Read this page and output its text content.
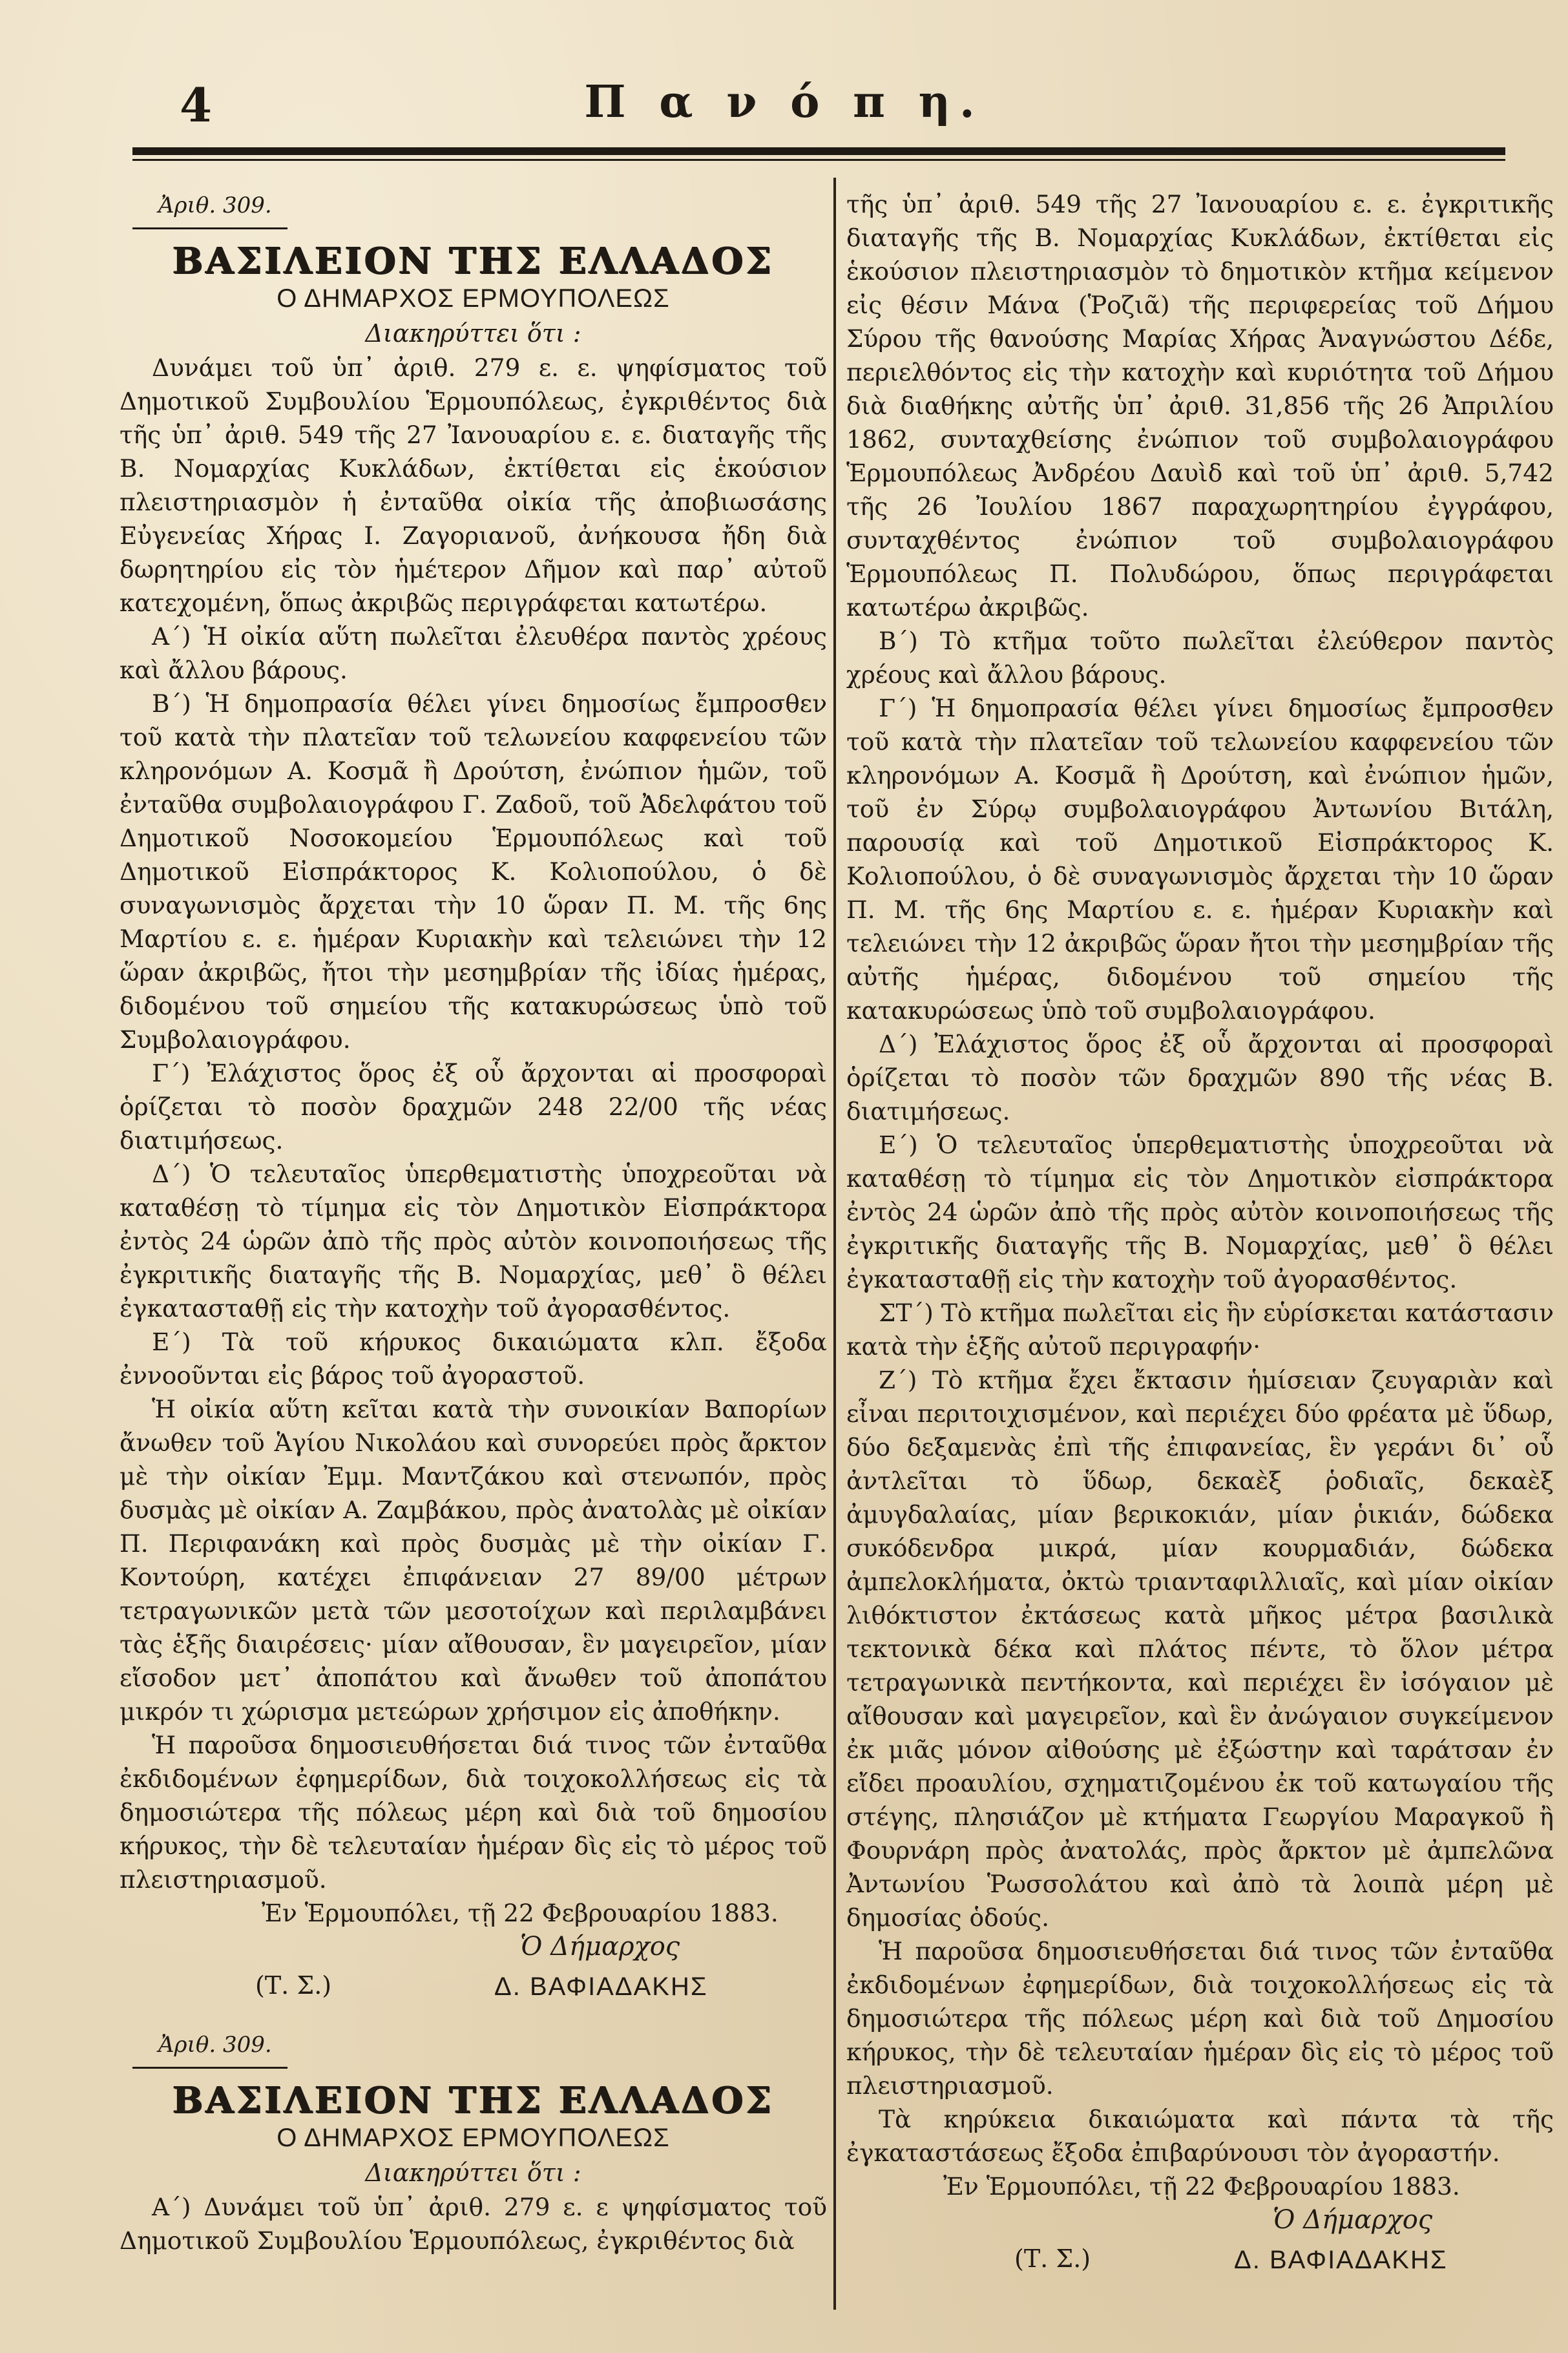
4	Π α ν ό π η.
Ἀριθ. 309.
ΒΑΣΙΛΕΙΟΝ ΤΗΣ ΕΛΛΑΔΟΣ
Ο ΔΗΜΑΡΧΟΣ ΕΡΜΟΥΠΟΛΕΩΣ
Διακηρύττει ὅτι :

Δυνάμει τοῦ ὑπ᾽ ἀριθ. 279 ε. ε. ψηφίσματος τοῦ Δημοτικοῦ Συμβουλίου Ἑρμουπόλεως, ἐγκριθέντος διὰ τῆς ὑπ᾽ ἀριθ. 549 τῆς 27 Ἰανουαρίου ε. ε. διαταγῆς τῆς Β. Νομαρχίας Κυκλάδων, ἐκτίθεται εἰς ἑκούσιον πλειστηριασμὸν ἡ ἐνταῦθα οἰκία τῆς ἀποβιωσάσης Εὐγενείας Χήρας Ι. Ζαγοριανοῦ, ἀνήκουσα ἤδη διὰ δωρητηρίου εἰς τὸν ἡμέτερον Δῆμον καὶ παρ᾽ αὐτοῦ κατεχομένη, ὅπως ἀκριβῶς περιγράφεται κατωτέρω.

Α΄) Ἡ οἰκία αὕτη πωλεῖται ἐλευθέρα παντὸς χρέους καὶ ἄλλου βάρους.

Β΄) Ἡ δημοπρασία θέλει γίνει δημοσίως ἔμπροσθεν τοῦ κατὰ τὴν πλατεῖαν τοῦ τελωνείου καφφενείου τῶν κληρονόμων Α. Κοσμᾶ ἢ Δρούτση, ἐνώπιον ἡμῶν, τοῦ ἐνταῦθα συμβολαιογράφου Γ. Ζαδοῦ, τοῦ Ἀδελφάτου τοῦ Δημοτικοῦ Νοσοκομείου Ἑρμουπόλεως καὶ τοῦ Δημοτικοῦ Εἰσπράκτορος Κ. Κολιοπούλου, ὁ δὲ συναγωνισμὸς ἄρχεται τὴν 10 ὥραν Π. Μ. τῆς 6ης Μαρτίου ε. ε. ἡμέραν Κυριακὴν καὶ τελειώνει τὴν 12 ὥραν ἀκριβῶς, ἤτοι τὴν μεσημβρίαν τῆς ἰδίας ἡμέρας, διδομένου τοῦ σημείου τῆς κατακυρώσεως ὑπὸ τοῦ Συμβολαιογράφου.

Γ΄) Ἐλάχιστος ὅρος ἐξ οὗ ἄρχονται αἱ προσφοραὶ ὁρίζεται τὸ ποσὸν δραχμῶν 248 22/00 τῆς νέας διατιμήσεως.

Δ΄) Ὁ τελευταῖος ὑπερθεματιστὴς ὑποχρεοῦται νὰ καταθέσῃ τὸ τίμημα εἰς τὸν Δημοτικὸν Εἰσπράκτορα ἐντὸς 24 ὡρῶν ἀπὸ τῆς πρὸς αὐτὸν κοινοποιήσεως τῆς ἐγκριτικῆς διαταγῆς τῆς Β. Νομαρχίας, μεθ᾽ ὃ θέλει ἐγκατασταθῇ εἰς τὴν κατοχὴν τοῦ ἀγορασθέντος.

Ε΄) Τὰ τοῦ κήρυκος δικαιώματα κλπ. ἔξοδα ἐννοοῦνται εἰς βάρος τοῦ ἀγοραστοῦ.

Ἡ οἰκία αὕτη κεῖται κατὰ τὴν συνοικίαν Βαπορίων ἄνωθεν τοῦ Ἁγίου Νικολάου καὶ συνορεύει πρὸς ἄρκτον μὲ τὴν οἰκίαν Ἐμμ. Μαντζάκου καὶ στενωπόν, πρὸς δυσμὰς μὲ οἰκίαν Α. Ζαμβάκου, πρὸς ἀνατολὰς μὲ οἰκίαν Π. Περιφανάκη καὶ πρὸς δυσμὰς μὲ τὴν οἰκίαν Γ. Κοντούρη, κατέχει ἐπιφάνειαν 27 89/00 μέτρων τετραγωνικῶν μετὰ τῶν μεσοτοίχων καὶ περιλαμβάνει τὰς ἑξῆς διαιρέσεις· μίαν αἴθουσαν, ἓν μαγειρεῖον, μίαν εἴσοδον μετ᾽ ἀποπάτου καὶ ἄνωθεν τοῦ ἀποπάτου μικρόν τι χώρισμα μετεώρων χρήσιμον εἰς ἀποθήκην.

Ἡ παροῦσα δημοσιευθήσεται διά τινος τῶν ἐνταῦθα ἐκδιδομένων ἐφημερίδων, διὰ τοιχοκολλήσεως εἰς τὰ δημοσιώτερα τῆς πόλεως μέρη καὶ διὰ τοῦ δημοσίου κήρυκος, τὴν δὲ τελευταίαν ἡμέραν δὶς εἰς τὸ μέρος τοῦ πλειστηριασμοῦ.

Ἐν Ἑρμουπόλει, τῇ 22 Φεβρουαρίου 1883.

Ὁ Δήμαρχος
(Τ. Σ.)	Δ. ΒΑΦΙΑΔΑΚΗΣ
Ἀριθ. 309.
ΒΑΣΙΛΕΙΟΝ ΤΗΣ ΕΛΛΑΔΟΣ
Ο ΔΗΜΑΡΧΟΣ ΕΡΜΟΥΠΟΛΕΩΣ
Διακηρύττει ὅτι :

Α΄) Δυνάμει τοῦ ὑπ᾽ ἀριθ. 279 ε. ε ψηφίσματος τοῦ Δημοτικοῦ Συμβουλίου Ἑρμουπόλεως, ἐγκριθέντος διὰ

τῆς ὑπ᾽ ἀριθ. 549 τῆς 27 Ἰανουαρίου ε. ε. ἐγκριτικῆς διαταγῆς τῆς Β. Νομαρχίας Κυκλάδων, ἐκτίθεται εἰς ἑκούσιον πλειστηριασμὸν τὸ δημοτικὸν κτῆμα κείμενον εἰς θέσιν Μάνα (Ῥοζιᾶ) τῆς περιφερείας τοῦ Δήμου Σύρου τῆς θανούσης Μαρίας Χήρας Ἀναγνώστου Δέδε, περιελθόντος εἰς τὴν κατοχὴν καὶ κυριότητα τοῦ Δήμου διὰ διαθήκης αὐτῆς ὑπ᾽ ἀριθ. 31,856 τῆς 26 Ἀπριλίου 1862, συνταχθείσης ἐνώπιον τοῦ συμβολαιογράφου Ἑρμουπόλεως Ἀνδρέου Δαυὶδ καὶ τοῦ ὑπ᾽ ἀριθ. 5,742 τῆς 26 Ἰουλίου 1867 παραχωρητηρίου ἐγγράφου, συνταχθέντος ἐνώπιον τοῦ συμβολαιογράφου Ἑρμουπόλεως Π. Πολυδώρου, ὅπως περιγράφεται κατωτέρω ἀκριβῶς.

Β΄) Τὸ κτῆμα τοῦτο πωλεῖται ἐλεύθερον παντὸς χρέους καὶ ἄλλου βάρους.

Γ΄) Ἡ δημοπρασία θέλει γίνει δημοσίως ἔμπροσθεν τοῦ κατὰ τὴν πλατεῖαν τοῦ τελωνείου καφφενείου τῶν κληρονόμων Α. Κοσμᾶ ἢ Δρούτση, καὶ ἐνώπιον ἡμῶν, τοῦ ἐν Σύρῳ συμβολαιογράφου Ἀντωνίου Βιτάλη, παρουσίᾳ καὶ τοῦ Δημοτικοῦ Εἰσπράκτορος Κ. Κολιοπούλου, ὁ δὲ συναγωνισμὸς ἄρχεται τὴν 10 ὥραν Π. Μ. τῆς 6ης Μαρτίου ε. ε. ἡμέραν Κυριακὴν καὶ τελειώνει τὴν 12 ἀκριβῶς ὥραν ἤτοι τὴν μεσημβρίαν τῆς αὐτῆς ἡμέρας, διδομένου τοῦ σημείου τῆς κατακυρώσεως ὑπὸ τοῦ συμβολαιογράφου.

Δ΄) Ἐλάχιστος ὅρος ἐξ οὗ ἄρχονται αἱ προσφοραὶ ὁρίζεται τὸ ποσὸν τῶν δραχμῶν 890 τῆς νέας Β. διατιμήσεως.

Ε΄) Ὁ τελευταῖος ὑπερθεματιστὴς ὑποχρεοῦται νὰ καταθέσῃ τὸ τίμημα εἰς τὸν Δημοτικὸν εἰσπράκτορα ἐντὸς 24 ὡρῶν ἀπὸ τῆς πρὸς αὐτὸν κοινοποιήσεως τῆς ἐγκριτικῆς διαταγῆς τῆς Β. Νομαρχίας, μεθ᾽ ὃ θέλει ἐγκατασταθῇ εἰς τὴν κατοχὴν τοῦ ἀγορασθέντος.

ΣΤ΄) Τὸ κτῆμα πωλεῖται εἰς ἣν εὑρίσκεται κατάστασιν κατὰ τὴν ἑξῆς αὐτοῦ περιγραφήν·

Ζ΄) Τὸ κτῆμα ἔχει ἔκτασιν ἡμίσειαν ζευγαριὰν καὶ εἶναι περιτοιχισμένον, καὶ περιέχει δύο φρέατα μὲ ὕδωρ, δύο δεξαμενὰς ἐπὶ τῆς ἐπιφανείας, ἓν γεράνι δι᾽ οὗ ἀντλεῖται τὸ ὕδωρ, δεκαὲξ ῥοδιαῖς, δεκαὲξ ἀμυγδαλαίας, μίαν βερικοκιάν, μίαν ῥικιάν, δώδεκα συκόδενδρα μικρά, μίαν κουρμαδιάν, δώδεκα ἀμπελοκλήματα, ὀκτὼ τριανταφιλλιαῖς, καὶ μίαν οἰκίαν λιθόκτιστον ἐκτάσεως κατὰ μῆκος μέτρα βασιλικὰ τεκτονικὰ δέκα καὶ πλάτος πέντε, τὸ ὅλον μέτρα τετραγωνικὰ πεντήκοντα, καὶ περιέχει ἓν ἰσόγαιον μὲ αἴθουσαν καὶ μαγειρεῖον, καὶ ἓν ἀνώγαιον συγκείμενον ἐκ μιᾶς μόνον αἰθούσης μὲ ἐξώστην καὶ ταράτσαν ἐν εἴδει προαυλίου, σχηματιζομένου ἐκ τοῦ κατωγαίου τῆς στέγης, πλησιάζον μὲ κτήματα Γεωργίου Μαραγκοῦ ἢ Φουρνάρη πρὸς ἀνατολάς, πρὸς ἄρκτον μὲ ἀμπελῶνα Ἀντωνίου Ῥωσσολάτου καὶ ἀπὸ τὰ λοιπὰ μέρη μὲ δημοσίας ὁδούς.

Ἡ παροῦσα δημοσιευθήσεται διά τινος τῶν ἐνταῦθα ἐκδιδομένων ἐφημερίδων, διὰ τοιχοκολλήσεως εἰς τὰ δημοσιώτερα τῆς πόλεως μέρη καὶ διὰ τοῦ Δημοσίου κήρυκος, τὴν δὲ τελευταίαν ἡμέραν δὶς εἰς τὸ μέρος τοῦ πλειστηριασμοῦ.

Τὰ κηρύκεια δικαιώματα καὶ πάντα τὰ τῆς ἐγκαταστάσεως ἔξοδα ἐπιβαρύνουσι τὸν ἀγοραστήν.

Ἐν Ἑρμουπόλει, τῇ 22 Φεβρουαρίου 1883.

Ὁ Δήμαρχος
(Τ. Σ.)	Δ. ΒΑΦΙΑΔΑΚΗΣ
